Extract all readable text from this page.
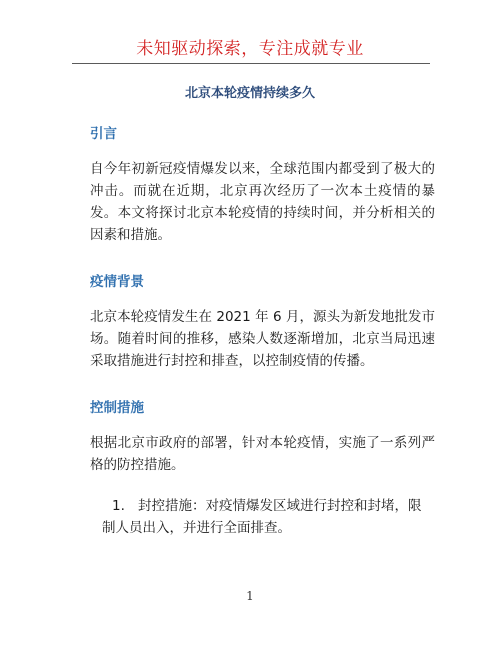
未知驱动探索，专注成就专业
北京本轮疫情持续多久
引言
自今年初新冠疫情爆发以来，全球范围内都受到了极大的冲击。而就在近期，北京再次经历了一次本土疫情的暴发。本文将探讨北京本轮疫情的持续时间，并分析相关的因素和措施。
疫情背景
北京本轮疫情发生在 2021 年 6 月，源头为新发地批发市场。随着时间的推移，感染人数逐渐增加，北京当局迅速采取措施进行封控和排查，以控制疫情的传播。
控制措施
根据北京市政府的部署，针对本轮疫情，实施了一系列严格的防控措施。
1. 封控措施：对疫情爆发区域进行封控和封堵，限制人员出入，并进行全面排查。
1
